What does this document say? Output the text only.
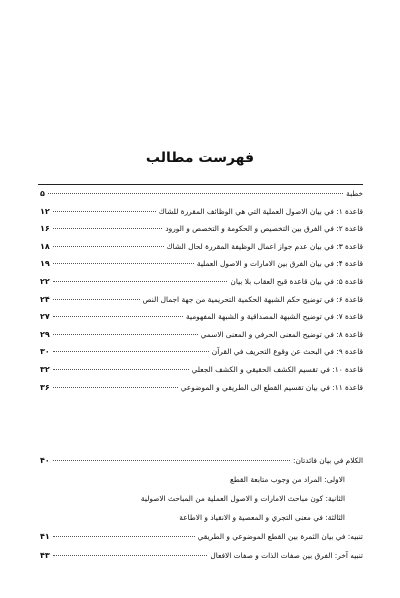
فهرست مطالب
خطبة
۵
قاعدة ۱: في بيان الاصول العملية التي هي الوظائف المقررة للشاك
۱۲
قاعدة ۲: في الفرق بين التخصيص و الحكومة و التخصص و الورود
۱۶
قاعدة ۳: في بيان عدم جواز اعمال الوظيفة المقررة لحال الشاك
۱۸
قاعدة ۴: في بيان الفرق بين الامارات و الاصول العملية
۱۹
قاعدة ۵: في بيان قاعدة قبح العقاب بلا بيان
۲۲
قاعدة ۶: في توضيح حكم الشبهة الحكمية التحريمية من جهة اجمال النص
۲۴
قاعدة ۷: في توضيح الشبهة المصداقية و الشبهة المفهومية
۲۷
قاعدة ۸: في توضيح المعنى الحرفي و المعنى الاسمي
۲۹
قاعدة ۹: في البحث عن وقوع التحريف في القرآن
۳۰
قاعدة ۱۰: في تقسيم الكشف الحقيقي و الكشف الجعلي
۳۲
قاعدة ۱۱: في بيان تقسيم القطع الى الطريقي و الموضوعي
۳۶
الكلام في بيان فائدتان:
۴۰
الاولى: المراد من وجوب متابعة القطع
الثانية: كون مباحث الامارات و الاصول العملية من المباحث الاصولية
الثالثة: في معنى التجري و المعصية و الانقياد و الاطاعة
تنبيه: في بيان الثمرة بين القطع الموضوعي و الطريقي
۴۱
تنبيه آخر: الفرق بين صفات الذات و صفات الافعال
۴۳
